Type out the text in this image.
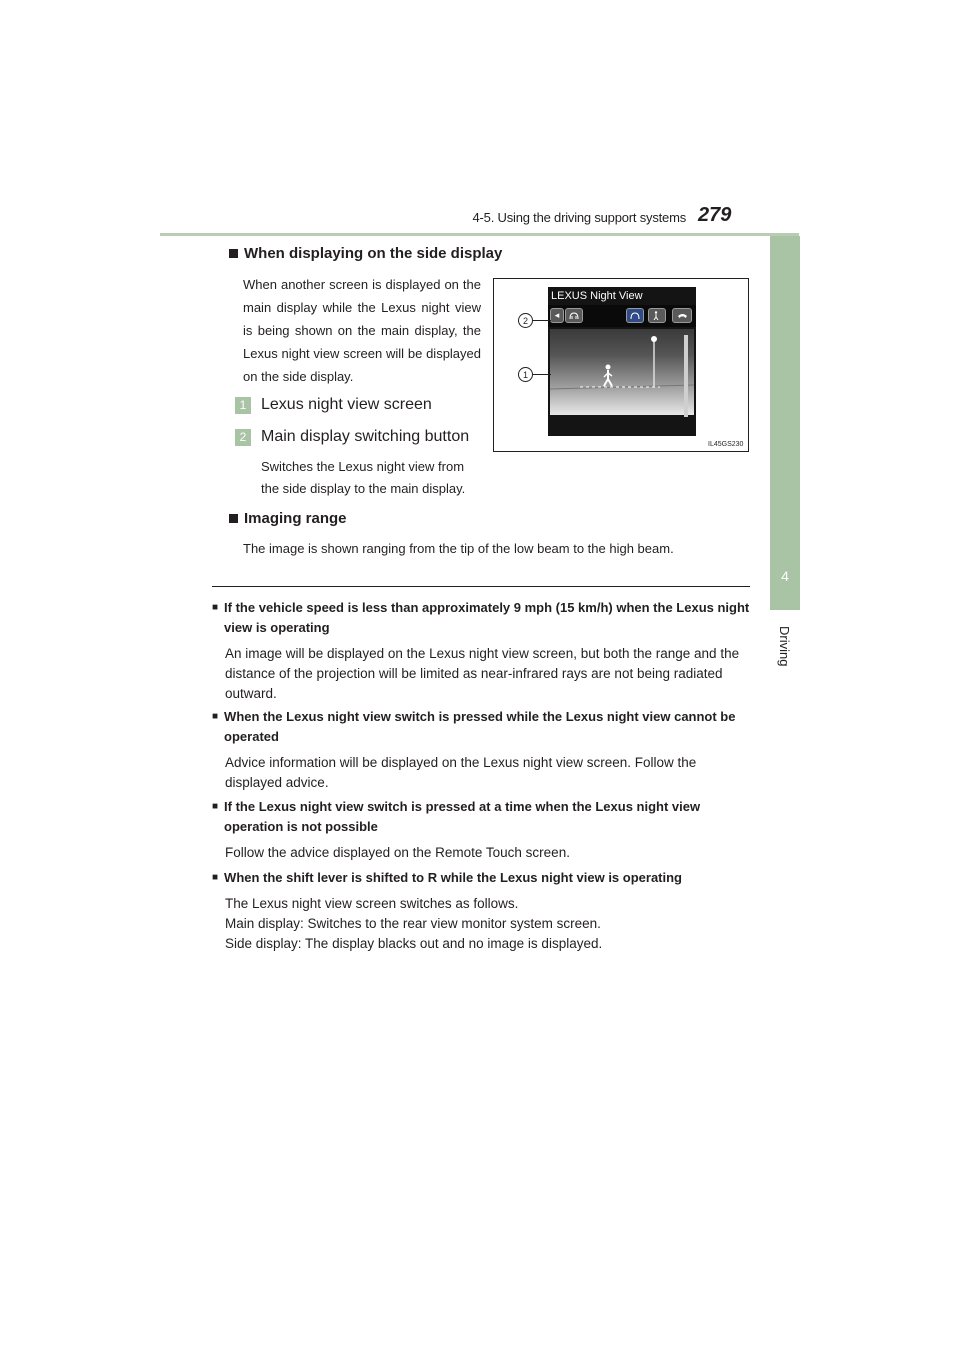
4-5. Using the driving support systems 279
4
Driving
When displaying on the side display
When another screen is displayed on the main display while the Lexus night view is being shown on the main display, the Lexus night view screen will be displayed on the side display.
1 Lexus night view screen
2 Main display switching button
Switches the Lexus night view from the side display to the main display.
LEXUS Night View
◂
2
1
IL45GS230
Imaging range
The image is shown ranging from the tip of the low beam to the high beam.
■ If the vehicle speed is less than approximately 9 mph (15 km/h) when the Lexus night view is operating
An image will be displayed on the Lexus night view screen, but both the range and the distance of the projection will be limited as near-infrared rays are not being radiated outward.
■ When the Lexus night view switch is pressed while the Lexus night view cannot be operated
Advice information will be displayed on the Lexus night view screen. Follow the displayed advice.
■ If the Lexus night view switch is pressed at a time when the Lexus night view operation is not possible
Follow the advice displayed on the Remote Touch screen.
■ When the shift lever is shifted to R while the Lexus night view is operating
The Lexus night view screen switches as follows.
Main display: Switches to the rear view monitor system screen.
Side display: The display blacks out and no image is displayed.
